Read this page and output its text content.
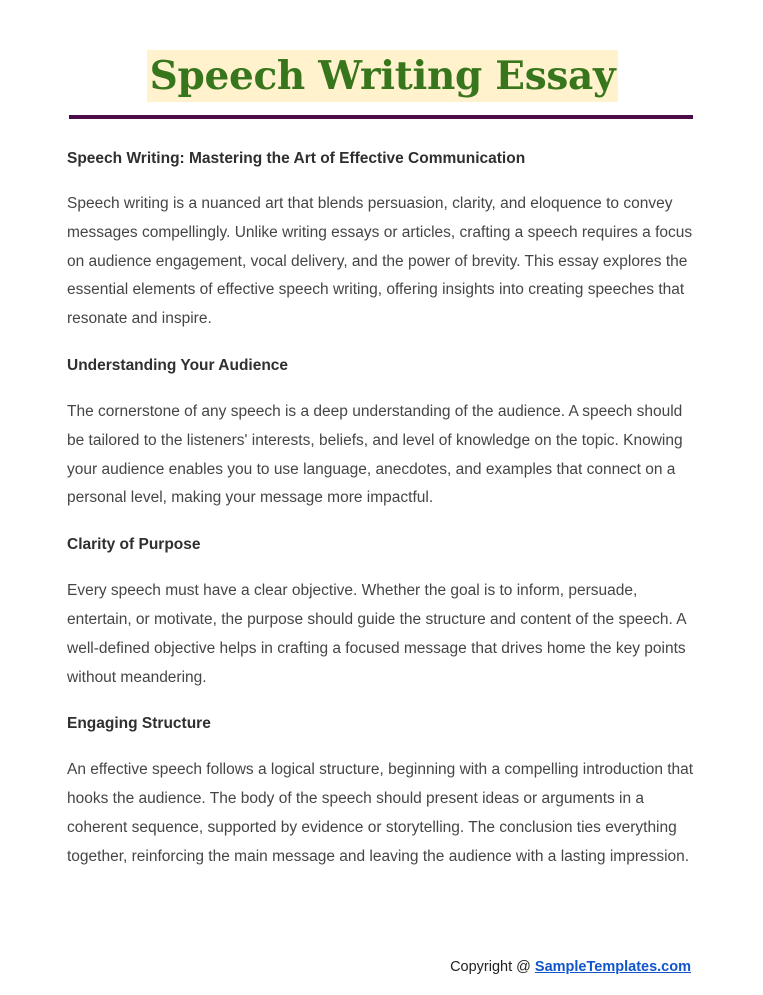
Speech Writing Essay

Speech Writing: Mastering the Art of Effective Communication

Speech writing is a nuanced art that blends persuasion, clarity, and eloquence to convey messages compellingly. Unlike writing essays or articles, crafting a speech requires a focus on audience engagement, vocal delivery, and the power of brevity. This essay explores the essential elements of effective speech writing, offering insights into creating speeches that resonate and inspire.

Understanding Your Audience

The cornerstone of any speech is a deep understanding of the audience. A speech should be tailored to the listeners' interests, beliefs, and level of knowledge on the topic. Knowing your audience enables you to use language, anecdotes, and examples that connect on a personal level, making your message more impactful.

Clarity of Purpose

Every speech must have a clear objective. Whether the goal is to inform, persuade, entertain, or motivate, the purpose should guide the structure and content of the speech. A well-defined objective helps in crafting a focused message that drives home the key points without meandering.

Engaging Structure

An effective speech follows a logical structure, beginning with a compelling introduction that hooks the audience. The body of the speech should present ideas or arguments in a coherent sequence, supported by evidence or storytelling. The conclusion ties everything together, reinforcing the main message and leaving the audience with a lasting impression.

Copyright @ SampleTemplates.com
